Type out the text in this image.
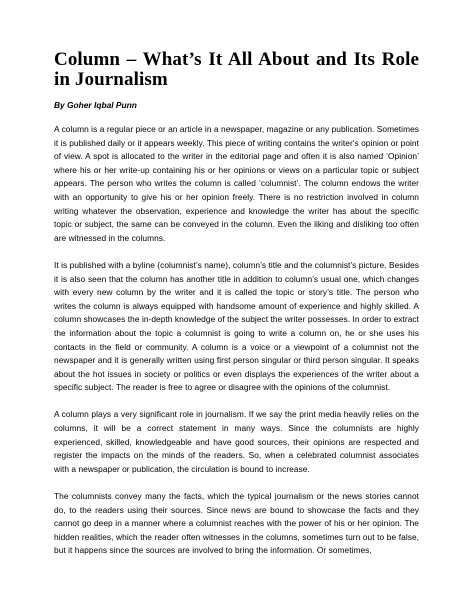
Column – What’s It All About and Its Role in Journalism
By Goher Iqbal Punn

A column is a regular piece or an article in a newspaper, magazine or any publication. Sometimes it is published daily or it appears weekly. This piece of writing contains the writer's opinion or point of view. A spot is allocated to the writer in the editorial page and often it is also named ‘Opinion’ where his or her write-up containing his or her opinions or views on a particular topic or subject appears. The person who writes the column is called ‘columnist’. The column endows the writer with an opportunity to give his or her opinion freely. There is no restriction involved in column writing whatever the observation, experience and knowledge the writer has about the specific topic or subject, the same can be conveyed in the column. Even the liking and disliking too often are witnessed in the columns.

It is published with a byline (columnist’s name), column’s title and the columnist’s picture. Besides it is also seen that the column has another title in addition to column’s usual one, which changes with every new column by the writer and it is called the topic or story’s title. The person who writes the column is always equipped with handsome amount of experience and highly skilled. A column showcases the in-depth knowledge of the subject the writer possesses. In order to extract the information about the topic a columnist is going to write a column on, he or she uses his contacts in the field or community. A column is a voice or a viewpoint of a columnist not the newspaper and it is generally written using first person singular or third person singular. It speaks about the hot issues in society or politics or even displays the experiences of the writer about a specific subject. The reader is free to agree or disagree with the opinions of the columnist.

A column plays a very significant role in journalism. If we say the print media heavily relies on the columns, it will be a correct statement in many ways. Since the columnists are highly experienced, skilled, knowledgeable and have good sources, their opinions are respected and register the impacts on the minds of the readers. So, when a celebrated columnist associates with a newspaper or publication, the circulation is bound to increase.

The columnists convey many the facts, which the typical journalism or the news stories cannot do, to the readers using their sources. Since news are bound to showcase the facts and they cannot go deep in a manner where a columnist reaches with the power of his or her opinion. The hidden realities, which the reader often witnesses in the columns, sometimes turn out to be false, but it happens since the sources are involved to bring the information. Or sometimes,
